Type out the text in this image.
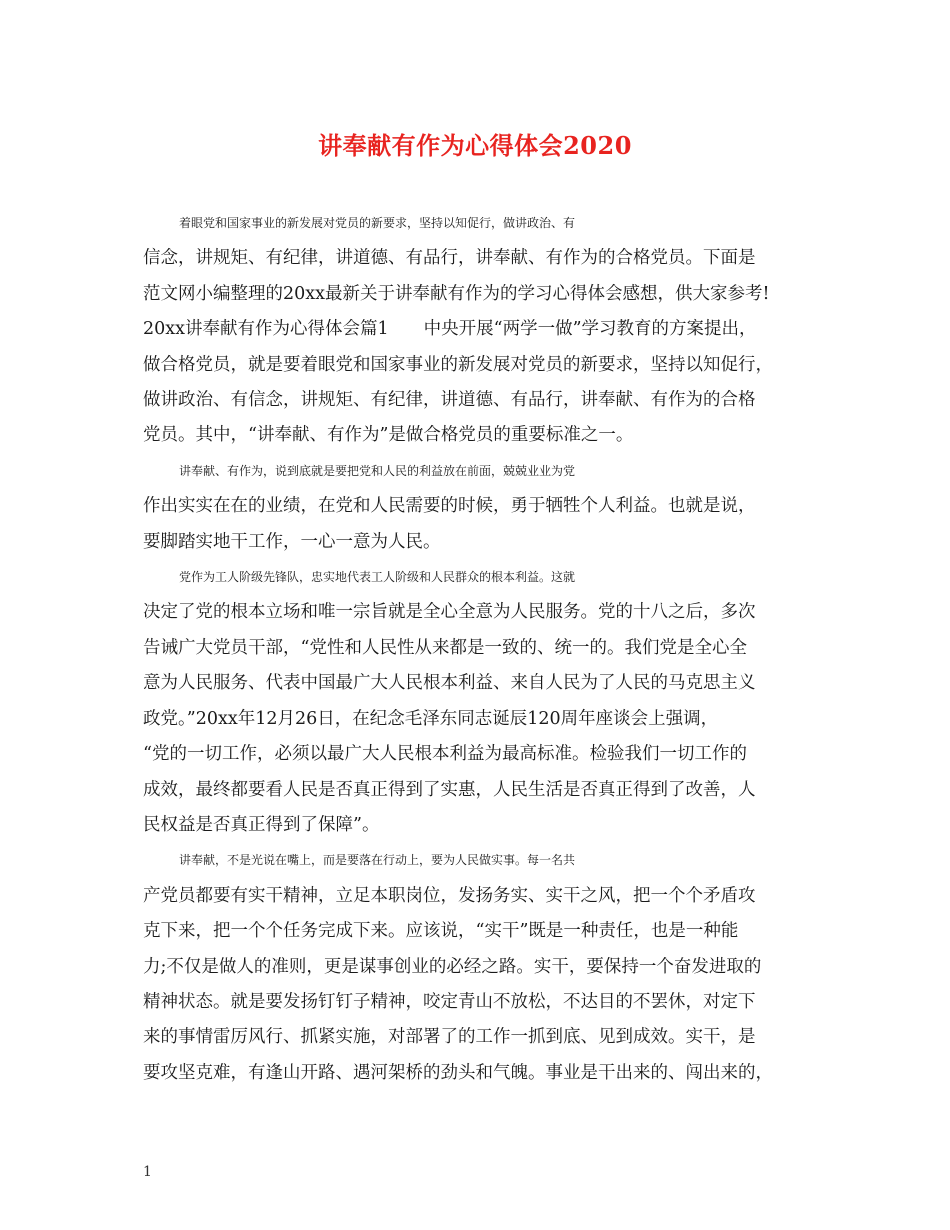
讲奉献有作为心得体会2020
着眼党和国家事业的新发展对党员的新要求，坚持以知促行，做讲政治、有
信念，讲规矩、有纪律，讲道德、有品行，讲奉献、有作为的合格党员。下面是
范文网小编整理的20xx最新关于讲奉献有作为的学习心得体会感想，供大家参考!
20xx讲奉献有作为心得体会篇1　　中央开展“两学一做”学习教育的方案提出，
做合格党员，就是要着眼党和国家事业的新发展对党员的新要求，坚持以知促行，
做讲政治、有信念，讲规矩、有纪律，讲道德、有品行，讲奉献、有作为的合格
党员。其中，“讲奉献、有作为”是做合格党员的重要标准之一。
讲奉献、有作为，说到底就是要把党和人民的利益放在前面，兢兢业业为党
作出实实在在的业绩，在党和人民需要的时候，勇于牺牲个人利益。也就是说，
要脚踏实地干工作，一心一意为人民。
党作为工人阶级先锋队，忠实地代表工人阶级和人民群众的根本利益。这就
决定了党的根本立场和唯一宗旨就是全心全意为人民服务。党的十八之后，多次
告诫广大党员干部，“党性和人民性从来都是一致的、统一的。我们党是全心全
意为人民服务、代表中国最广大人民根本利益、来自人民为了人民的马克思主义
政党。”20xx年12月26日，在纪念毛泽东同志诞辰120周年座谈会上强调，
“党的一切工作，必须以最广大人民根本利益为最高标准。检验我们一切工作的
成效，最终都要看人民是否真正得到了实惠，人民生活是否真正得到了改善，人
民权益是否真正得到了保障”。
讲奉献，不是光说在嘴上，而是要落在行动上，要为人民做实事。每一名共
产党员都要有实干精神，立足本职岗位，发扬务实、实干之风，把一个个矛盾攻
克下来，把一个个任务完成下来。应该说，“实干”既是一种责任，也是一种能
力;不仅是做人的准则，更是谋事创业的必经之路。实干，要保持一个奋发进取的
精神状态。就是要发扬钉钉子精神，咬定青山不放松，不达目的不罢休，对定下
来的事情雷厉风行、抓紧实施，对部署了的工作一抓到底、见到成效。实干，是
要攻坚克难，有逢山开路、遇河架桥的劲头和气魄。事业是干出来的、闯出来的，
1
